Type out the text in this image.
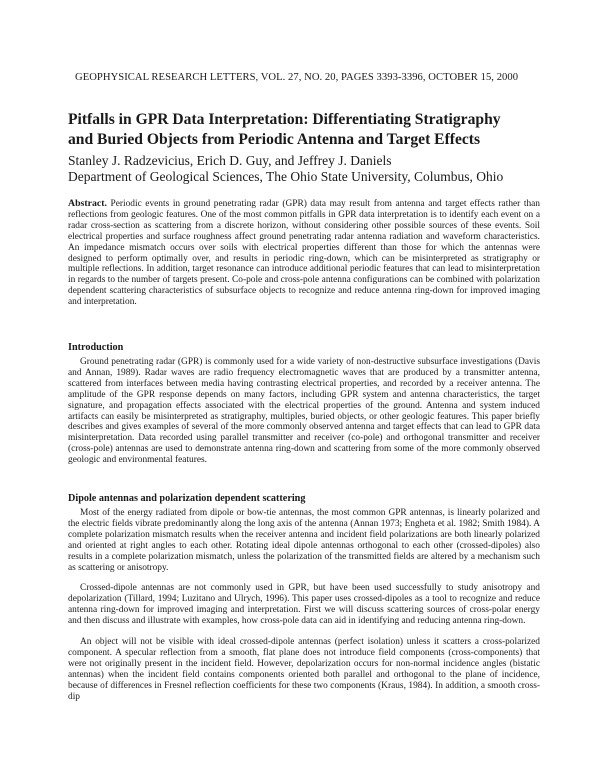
GEOPHYSICAL RESEARCH LETTERS, VOL. 27, NO. 20, PAGES 3393-3396, OCTOBER 15, 2000
Pitfalls in GPR Data Interpretation: Differentiating Stratigraphy
and Buried Objects from Periodic Antenna and Target Effects
Stanley J. Radzevicius, Erich D. Guy, and Jeffrey J. Daniels
Department of Geological Sciences, The Ohio State University, Columbus, Ohio
Abstract. Periodic events in ground penetrating radar (GPR) data may result from antenna and target effects rather than reflections from geologic features. One of the most common pitfalls in GPR data interpretation is to identify each event on a radar cross-section as scattering from a discrete horizon, without considering other possible sources of these events. Soil electrical properties and surface roughness affect ground penetrating radar antenna radiation and waveform characteristics. An impedance mismatch occurs over soils with electrical properties different than those for which the antennas were designed to perform optimally over, and results in periodic ring-down, which can be misinterpreted as stratigraphy or multiple reflections. In addition, target resonance can introduce additional periodic features that can lead to misinterpretation in regards to the number of targets present. Co-pole and cross-pole antenna configurations can be combined with polarization dependent scattering characteristics of subsurface objects to recognize and reduce antenna ring-down for improved imaging and interpretation.
Introduction
Ground penetrating radar (GPR) is commonly used for a wide variety of non-destructive subsurface investigations (Davis and Annan, 1989). Radar waves are radio frequency electromagnetic waves that are produced by a transmitter antenna, scattered from interfaces between media having contrasting electrical properties, and recorded by a receiver antenna. The amplitude of the GPR response depends on many factors, including GPR system and antenna characteristics, the target signature, and propagation effects associated with the electrical properties of the ground. Antenna and system induced artifacts can easily be misinterpreted as stratigraphy, multiples, buried objects, or other geologic features. This paper briefly describes and gives examples of several of the more commonly observed antenna and target effects that can lead to GPR data misinterpretation. Data recorded using parallel transmitter and receiver (co-pole) and orthogonal transmitter and receiver (cross-pole) antennas are used to demonstrate antenna ring-down and scattering from some of the more commonly observed geologic and environmental features.
Dipole antennas and polarization dependent scattering
Most of the energy radiated from dipole or bow-tie antennas, the most common GPR antennas, is linearly polarized and the electric fields vibrate predominantly along the long axis of the antenna (Annan 1973; Engheta et al. 1982; Smith 1984). A complete polarization mismatch results when the receiver antenna and incident field polarizations are both linearly polarized and oriented at right angles to each other. Rotating ideal dipole antennas orthogonal to each other (crossed-dipoles) also results in a complete polarization mismatch, unless the polarization of the transmitted fields are altered by a mechanism such as scattering or anisotropy.
Crossed-dipole antennas are not commonly used in GPR, but have been used successfully to study anisotropy and depolarization (Tillard, 1994; Luzitano and Ulrych, 1996). This paper uses crossed-dipoles as a tool to recognize and reduce antenna ring-down for improved imaging and interpretation. First we will discuss scattering sources of cross-polar energy and then discuss and illustrate with examples, how cross-pole data can aid in identifying and reducing antenna ring-down.
An object will not be visible with ideal crossed-dipole antennas (perfect isolation) unless it scatters a cross-polarized component. A specular reflection from a smooth, flat plane does not introduce field components (cross-components) that were not originally present in the incident field. However, depolarization occurs for non-normal incidence angles (bistatic antennas) when the incident field contains components oriented both parallel and orthogonal to the plane of incidence, because of differences in Fresnel reflection coefficients for these two components (Kraus, 1984). In addition, a smooth cross-dip
